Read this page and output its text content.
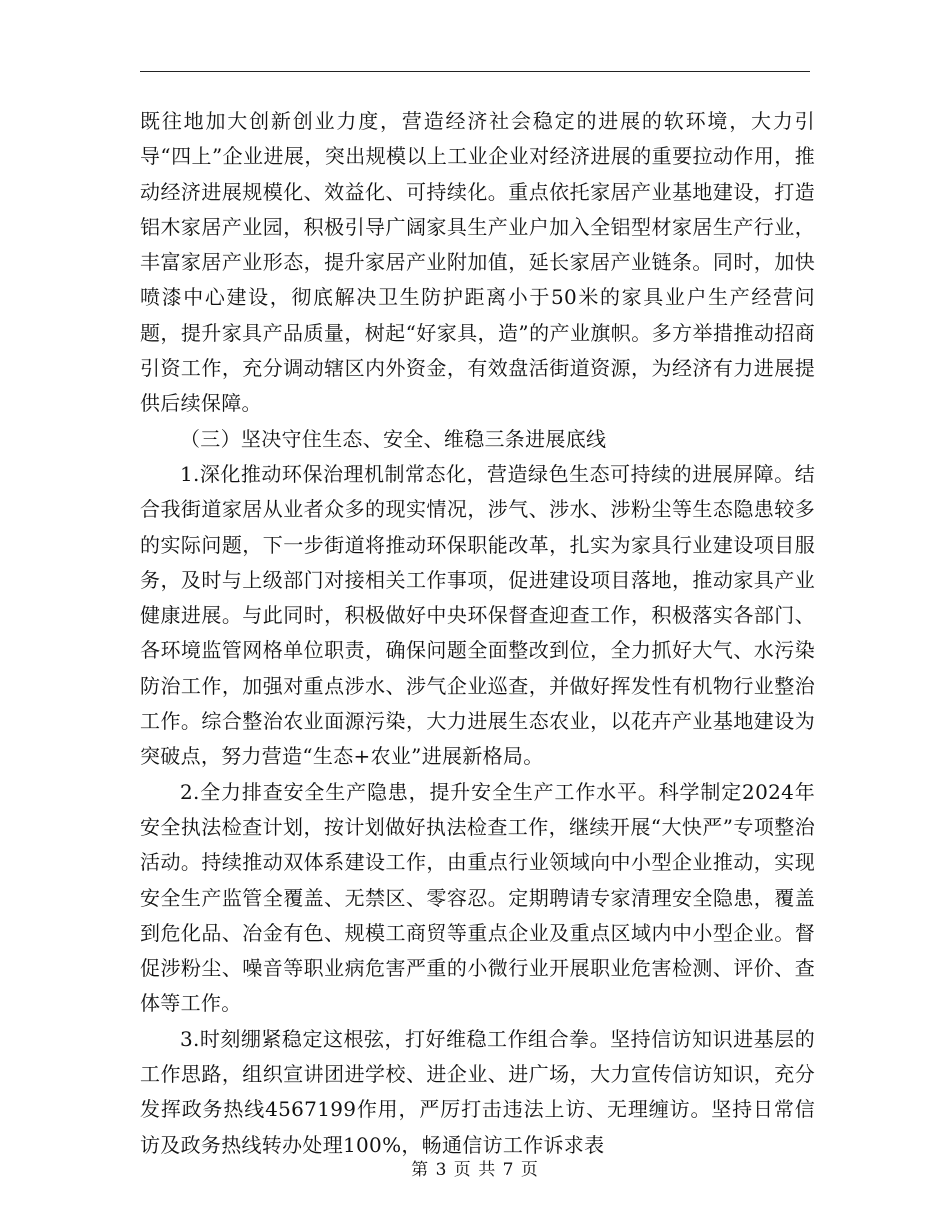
既往地加大创新创业力度，营造经济社会稳定的进展的软环境，大力引导“四上”企业进展，突出规模以上工业企业对经济进展的重要拉动作用，推动经济进展规模化、效益化、可持续化。重点依托家居产业基地建设，打造铝木家居产业园，积极引导广阔家具生产业户加入全铝型材家居生产行业，丰富家居产业形态，提升家居产业附加值，延长家居产业链条。同时，加快喷漆中心建设，彻底解决卫生防护距离小于50米的家具业户生产经营问题，提升家具产品质量，树起“好家具，造”的产业旗帜。多方举措推动招商引资工作，充分调动辖区内外资金，有效盘活街道资源，为经济有力进展提供后续保障。

（三）坚决守住生态、安全、维稳三条进展底线

1.深化推动环保治理机制常态化，营造绿色生态可持续的进展屏障。结合我街道家居从业者众多的现实情况，涉气、涉水、涉粉尘等生态隐患较多的实际问题，下一步街道将推动环保职能改革，扎实为家具行业建设项目服务，及时与上级部门对接相关工作事项，促进建设项目落地，推动家具产业健康进展。与此同时，积极做好中央环保督查迎查工作，积极落实各部门、各环境监管网格单位职责，确保问题全面整改到位，全力抓好大气、水污染防治工作，加强对重点涉水、涉气企业巡查，并做好挥发性有机物行业整治工作。综合整治农业面源污染，大力进展生态农业，以花卉产业基地建设为突破点，努力营造“生态+农业”进展新格局。

2.全力排查安全生产隐患，提升安全生产工作水平。科学制定2024年安全执法检查计划，按计划做好执法检查工作，继续开展“大快严”专项整治活动。持续推动双体系建设工作，由重点行业领域向中小型企业推动，实现安全生产监管全覆盖、无禁区、零容忍。定期聘请专家清理安全隐患，覆盖到危化品、冶金有色、规模工商贸等重点企业及重点区域内中小型企业。督促涉粉尘、噪音等职业病危害严重的小微行业开展职业危害检测、评价、查体等工作。

3.时刻绷紧稳定这根弦，打好维稳工作组合拳。坚持信访知识进基层的工作思路，组织宣讲团进学校、进企业、进广场，大力宣传信访知识，充分发挥政务热线4567199作用，严厉打击违法上访、无理缠访。坚持日常信访及政务热线转办处理100%，畅通信访工作诉求表

第 3 页 共 7 页
